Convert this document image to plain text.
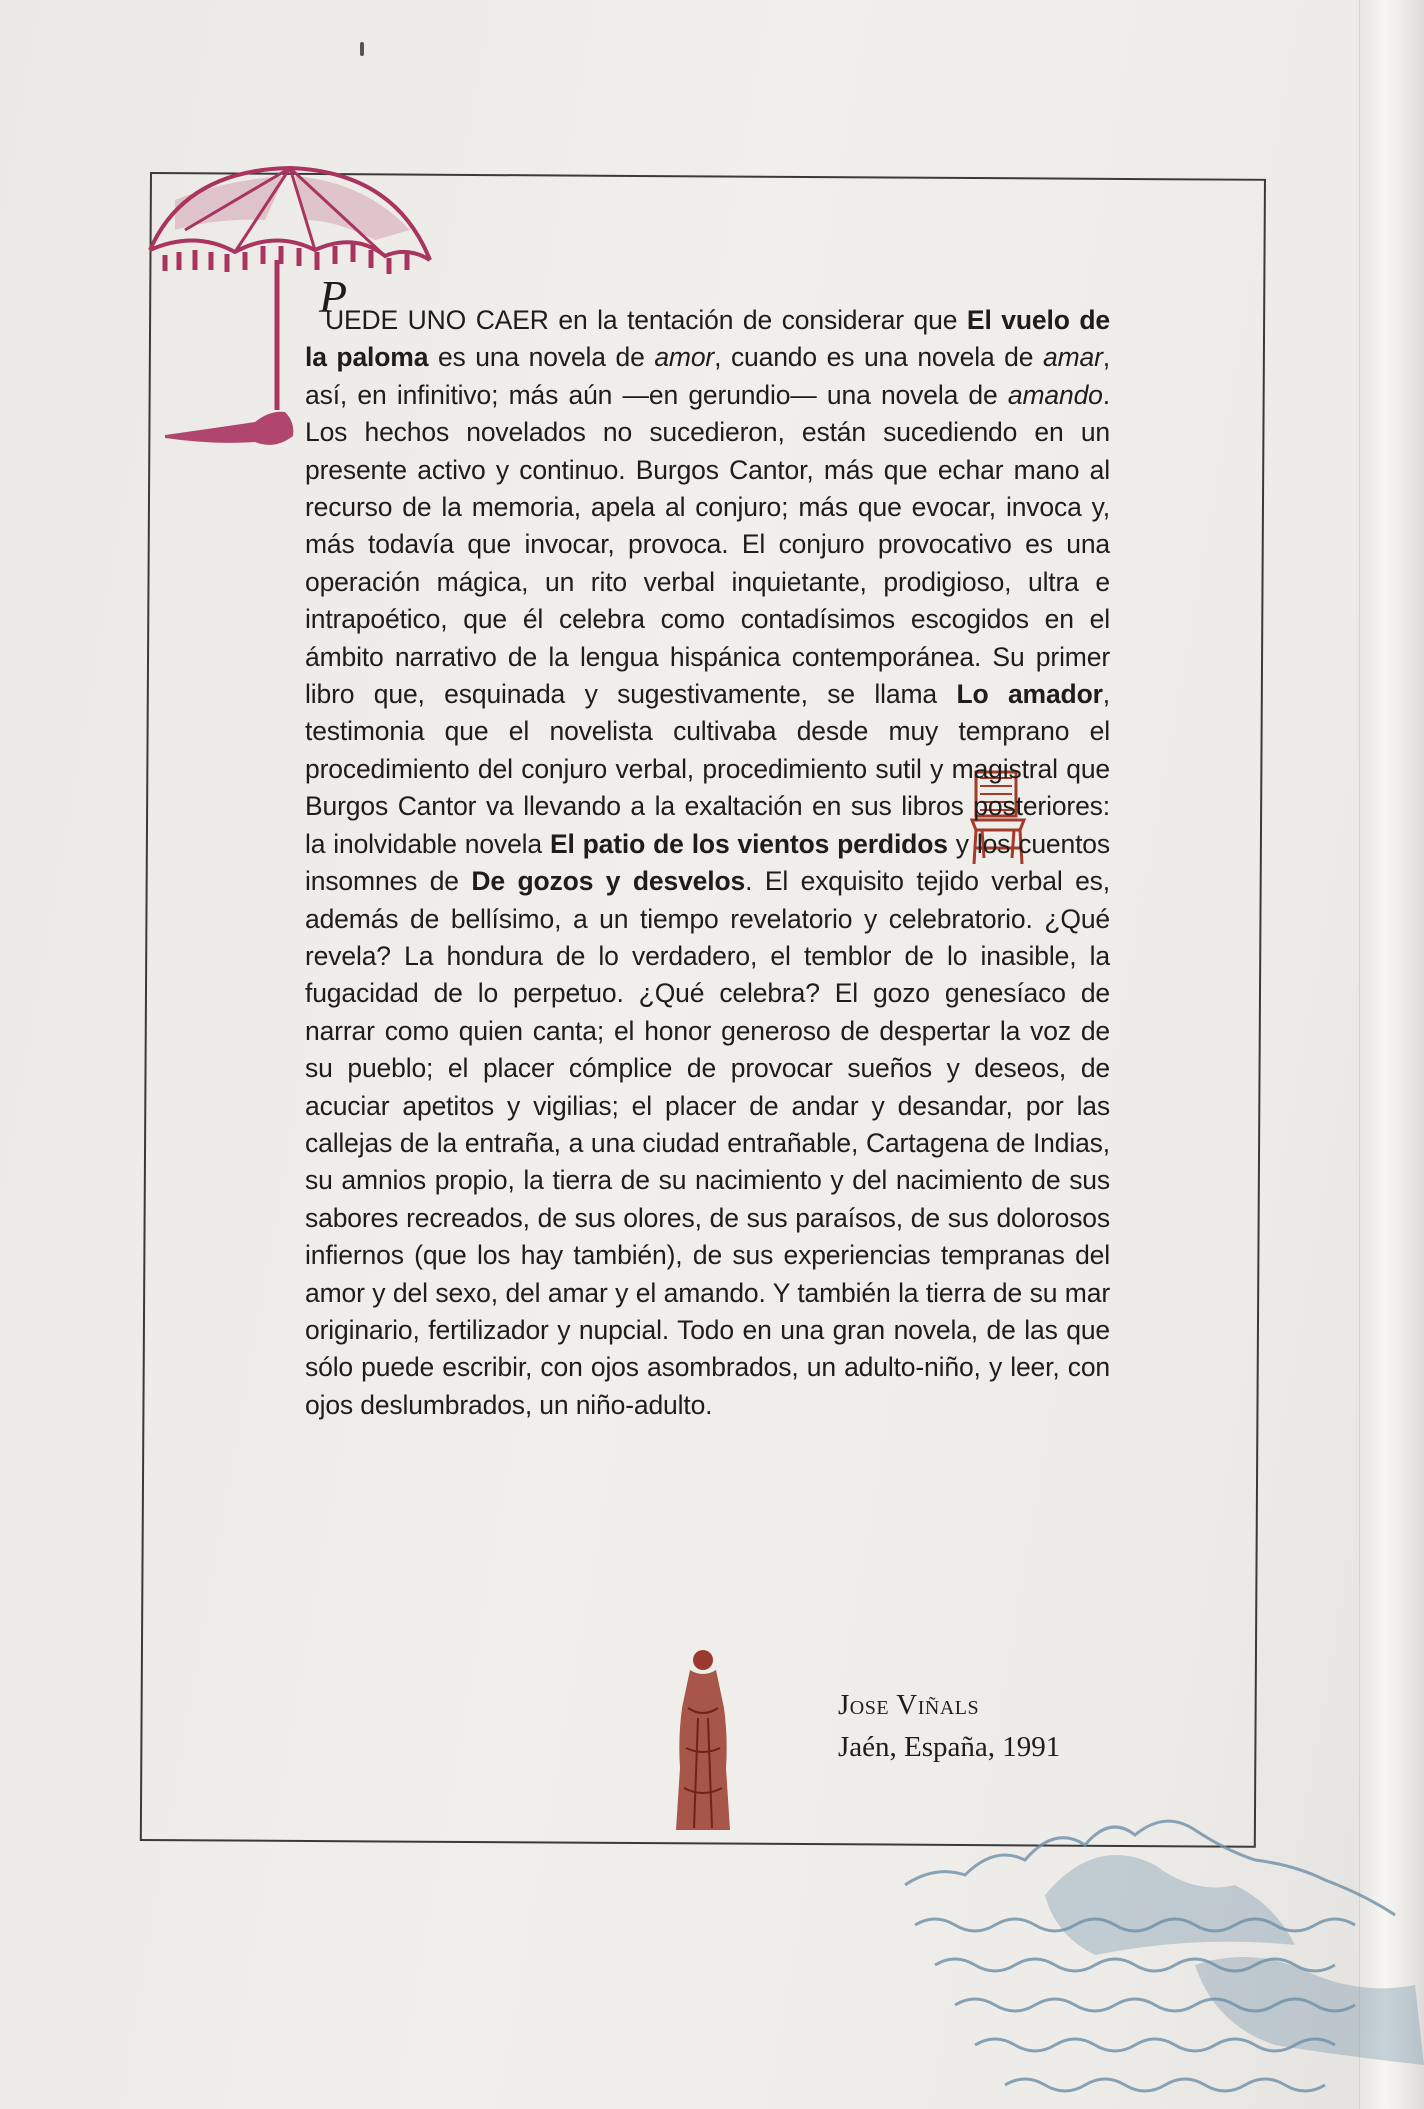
P

UEDE UNO CAER en la tentación de considerar que El vuelo de la paloma es una novela de amor, cuando es una novela de amar, así, en infinitivo; más aún —en gerundio— una novela de amando. Los hechos novelados no sucedieron, están sucediendo en un presente activo y continuo. Burgos Cantor, más que echar mano al recurso de la memoria, apela al conjuro; más que evocar, invoca y, más todavía que invocar, provoca. El conjuro provocativo es una operación mágica, un rito verbal inquietante, prodigioso, ultra e intrapoético, que él celebra como contadísimos escogidos en el ámbito narrativo de la lengua hispánica contemporánea. Su primer libro que, esquinada y sugestivamente, se llama Lo amador, testimonia que el novelista cultivaba desde muy temprano el procedimiento del conjuro verbal, procedimiento sutil y magistral que Burgos Cantor va llevando a la exaltación en sus libros posteriores: la inolvidable novela El patio de los vientos perdidos y los cuentos insomnes de De gozos y desvelos. El exquisito tejido verbal es, además de bellísimo, a un tiempo revelatorio y celebratorio. ¿Qué revela? La hondura de lo verdadero, el temblor de lo inasible, la fugacidad de lo perpetuo. ¿Qué celebra? El gozo genesíaco de narrar como quien canta; el honor generoso de despertar la voz de su pueblo; el placer cómplice de provocar sueños y deseos, de acuciar apetitos y vigilias; el placer de andar y desandar, por las callejas de la entraña, a una ciudad entrañable, Cartagena de Indias, su amnios propio, la tierra de su nacimiento y del nacimiento de sus sabores recreados, de sus olores, de sus paraísos, de sus dolorosos infiernos (que los hay también), de sus experiencias tempranas del amor y del sexo, del amar y el amando. Y también la tierra de su mar originario, fertilizador y nupcial. Todo en una gran novela, de las que sólo puede escribir, con ojos asombrados, un adulto-niño, y leer, con ojos deslumbrados, un niño-adulto.

Jose Viñals
Jaén, España, 1991
